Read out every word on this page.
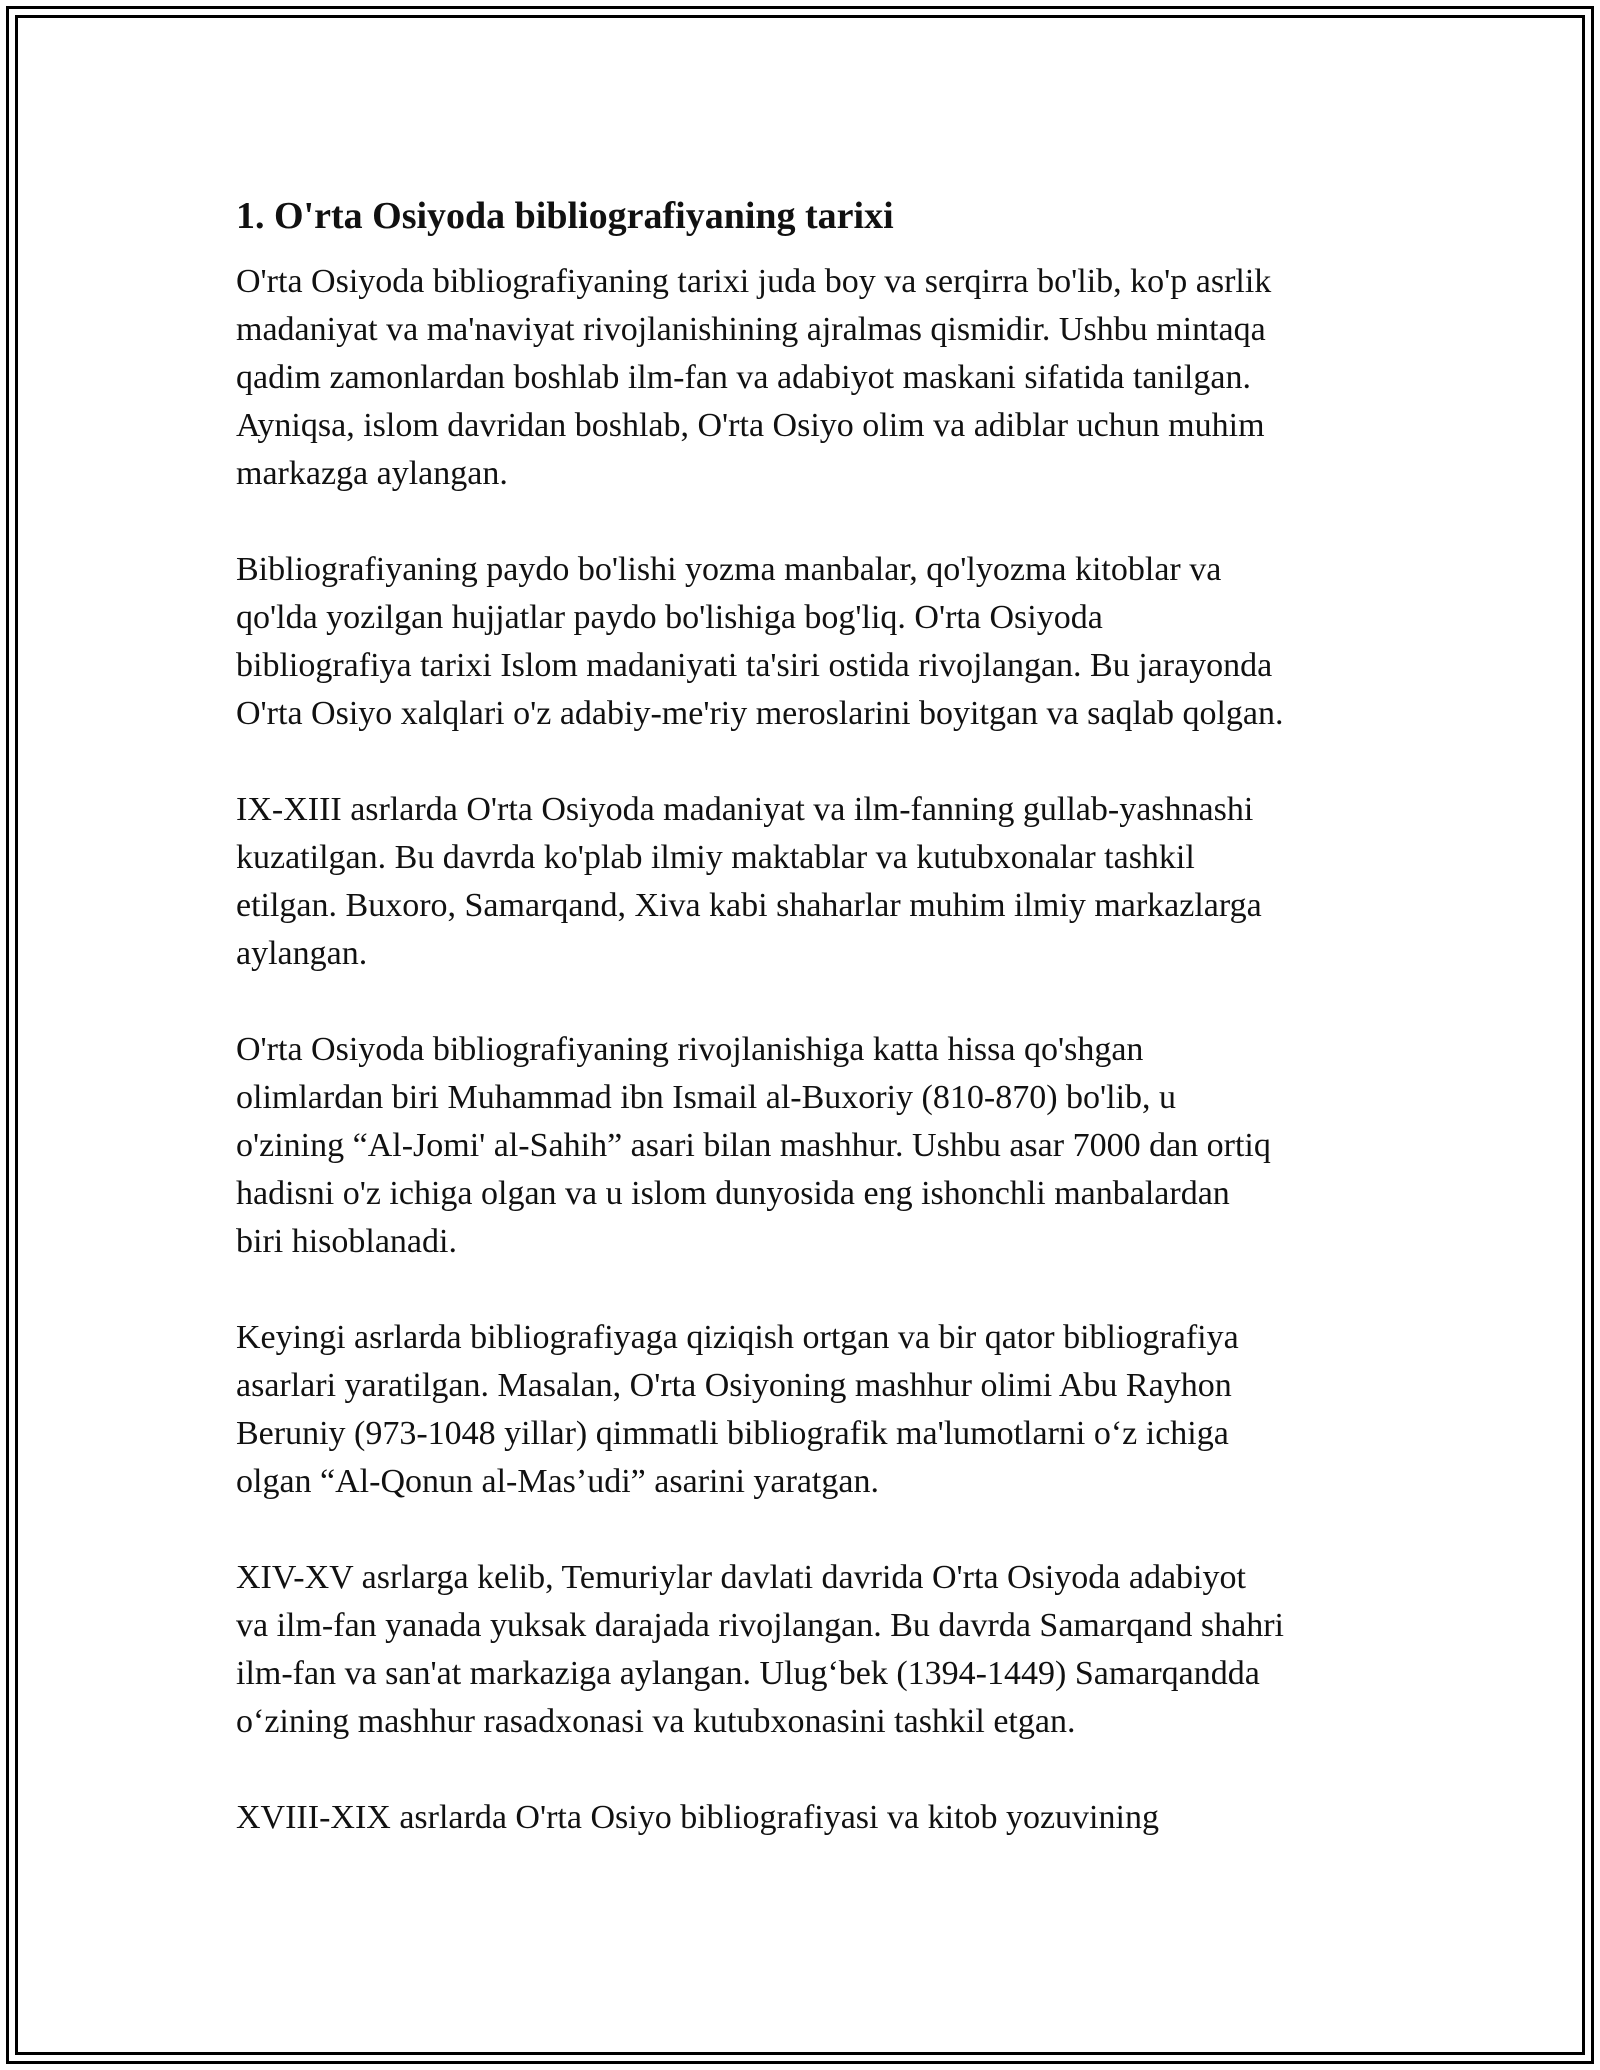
1. O'rta Osiyoda bibliografiyaning tarixi

O'rta Osiyoda bibliografiyaning tarixi juda boy va serqirra bo'lib, ko'p asrlik
madaniyat va ma'naviyat rivojlanishining ajralmas qismidir. Ushbu mintaqa
qadim zamonlardan boshlab ilm-fan va adabiyot maskani sifatida tanilgan.
Ayniqsa, islom davridan boshlab, O'rta Osiyo olim va adiblar uchun muhim
markazga aylangan.

Bibliografiyaning paydo bo'lishi yozma manbalar, qo'lyozma kitoblar va
qo'lda yozilgan hujjatlar paydo bo'lishiga bog'liq. O'rta Osiyoda
bibliografiya tarixi Islom madaniyati ta'siri ostida rivojlangan. Bu jarayonda
O'rta Osiyo xalqlari o'z adabiy-me'riy meroslarini boyitgan va saqlab qolgan.

IX-XIII asrlarda O'rta Osiyoda madaniyat va ilm-fanning gullab-yashnashi
kuzatilgan. Bu davrda ko'plab ilmiy maktablar va kutubxonalar tashkil
etilgan. Buxoro, Samarqand, Xiva kabi shaharlar muhim ilmiy markazlarga
aylangan.

O'rta Osiyoda bibliografiyaning rivojlanishiga katta hissa qo'shgan
olimlardan biri Muhammad ibn Ismail al-Buxoriy (810-870) bo'lib, u
o'zining “Al-Jomi' al-Sahih” asari bilan mashhur. Ushbu asar 7000 dan ortiq
hadisni o'z ichiga olgan va u islom dunyosida eng ishonchli manbalardan
biri hisoblanadi.

Keyingi asrlarda bibliografiyaga qiziqish ortgan va bir qator bibliografiya
asarlari yaratilgan. Masalan, O'rta Osiyoning mashhur olimi Abu Rayhon
Beruniy (973-1048 yillar) qimmatli bibliografik ma'lumotlarni o‘z ichiga
olgan “Al-Qonun al-Mas’udi” asarini yaratgan.

XIV-XV asrlarga kelib, Temuriylar davlati davrida O'rta Osiyoda adabiyot
va ilm-fan yanada yuksak darajada rivojlangan. Bu davrda Samarqand shahri
ilm-fan va san'at markaziga aylangan. Ulug‘bek (1394-1449) Samarqandda
o‘zining mashhur rasadxonasi va kutubxonasini tashkil etgan.

XVIII-XIX asrlarda O'rta Osiyo bibliografiyasi va kitob yozuvining
